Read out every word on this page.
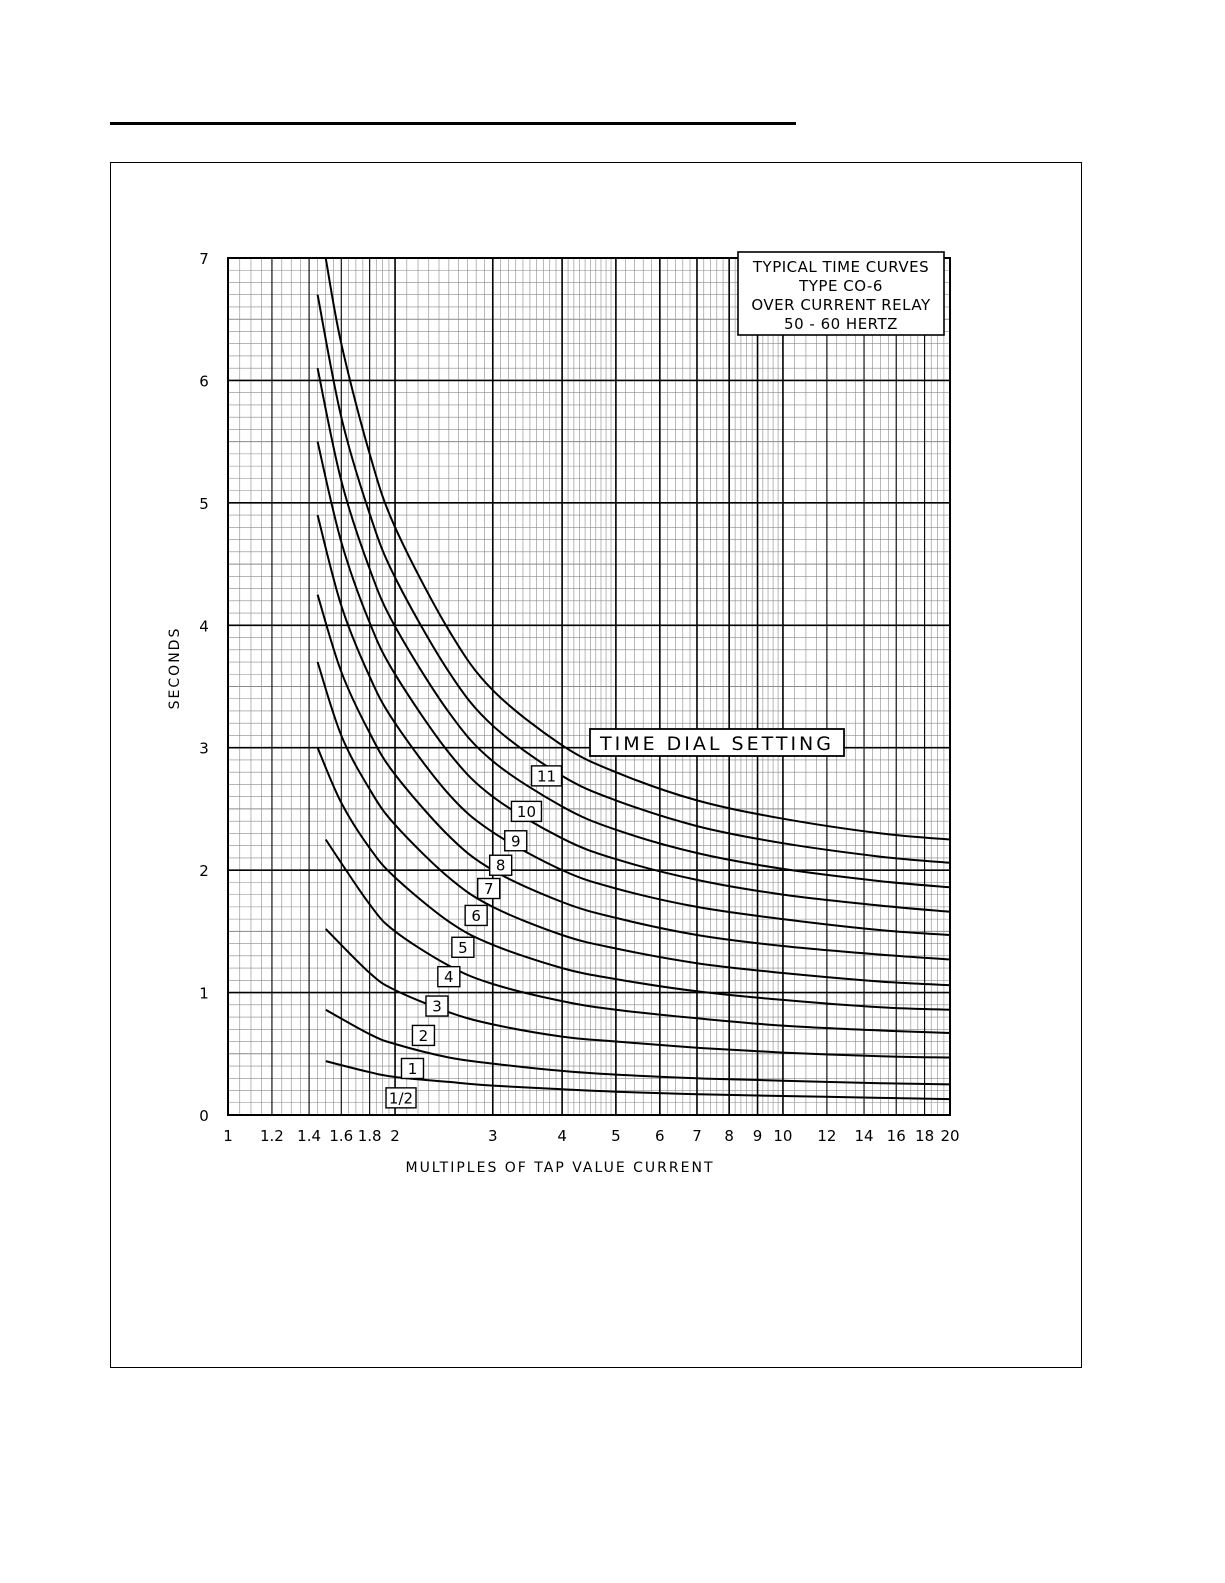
1/2
1
2
3
4
5
6
7
8
9
10
11
1 1.2 1.4 1.6 1.8 2	3	4	5 6 7 8 9 10 12 14 16 18 20
0
1
2
3
4
5
6
7
MULTIPLES OF TAP VALUE CURRENT
SECONDS
TYPICAL TIME CURVES
TYPE CO-6
OVER CURRENT RELAY
50 - 60 HERTZ
TIME DIAL SETTING
